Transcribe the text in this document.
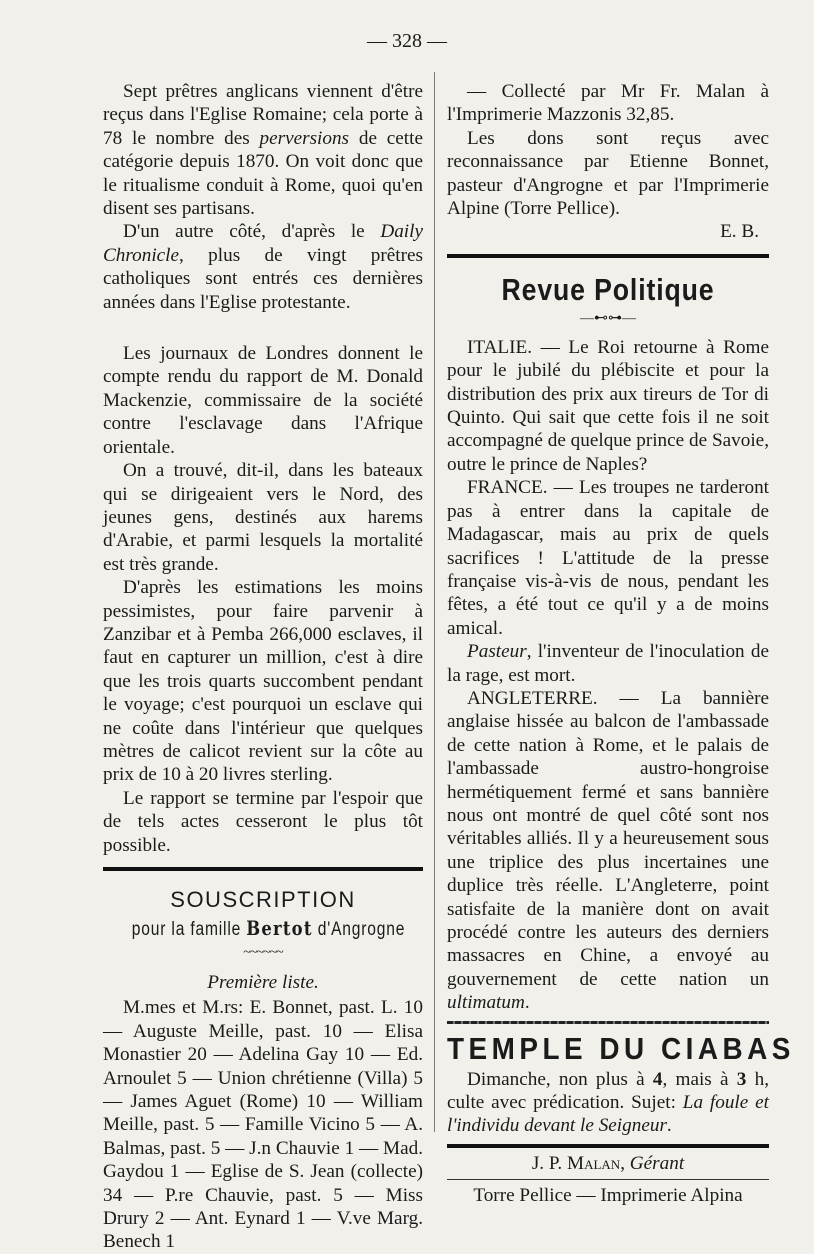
— 328 —

Sept prêtres anglicans viennent d'être reçus dans l'Eglise Romaine; cela porte à 78 le nombre des perversions de cette catégorie depuis 1870. On voit donc que le ritualisme conduit à Rome, quoi qu'en disent ses partisans.

D'un autre côté, d'après le Daily Chronicle, plus de vingt prêtres catholiques sont entrés ces dernières années dans l'Eglise protestante.

Les journaux de Londres donnent le compte rendu du rapport de M. Donald Mackenzie, commissaire de la société contre l'esclavage dans l'Afrique orientale.

On a trouvé, dit-il, dans les bateaux qui se dirigeaient vers le Nord, des jeunes gens, destinés aux harems d'Arabie, et parmi lesquels la mortalité est très grande.

D'après les estimations les moins pessimistes, pour faire parvenir à Zanzibar et à Pemba 266,000 esclaves, il faut en capturer un million, c'est à dire que les trois quarts succombent pendant le voyage; c'est pourquoi un esclave qui ne coûte dans l'intérieur que quelques mètres de calicot revient sur la côte au prix de 10 à 20 livres sterling.

Le rapport se termine par l'espoir que de tels actes cesseront le plus tôt possible.

SOUSCRIPTION
pour la famille Bertot d'Angrogne
~~~~~~
Première liste.

M.mes et M.rs: E. Bonnet, past. L. 10 — Auguste Meille, past. 10 — Elisa Monastier 20 — Adelina Gay 10 — Ed. Arnoulet 5 — Union chrétienne (Villa) 5 — James Aguet (Rome) 10 — William Meille, past. 5 — Famille Vicino 5 — A. Balmas, past. 5 — J.n Chauvie 1 — Mad. Gaydou 1 — Eglise de S. Jean (collecte) 34 — P.re Chauvie, past. 5 — Miss Drury 2 — Ant. Eynard 1 — V.ve Marg. Benech 1

— Collecté par Mr Fr. Malan à l'Imprimerie Mazzonis 32,85.

Les dons sont reçus avec reconnaissance par Etienne Bonnet, pasteur d'Angrogne et par l'Imprimerie Alpine (Torre Pellice).

E. B.
Revue Politique
—⊷⊶—

ITALIE. — Le Roi retourne à Rome pour le jubilé du plébiscite et pour la distribution des prix aux tireurs de Tor di Quinto. Qui sait que cette fois il ne soit accompagné de quelque prince de Savoie, outre le prince de Naples?

FRANCE. — Les troupes ne tarderont pas à entrer dans la capitale de Madagascar, mais au prix de quels sacrifices ! L'attitude de la presse française vis-à-vis de nous, pendant les fêtes, a été tout ce qu'il y a de moins amical.

Pasteur, l'inventeur de l'inoculation de la rage, est mort.

ANGLETERRE. — La bannière anglaise hissée au balcon de l'ambassade de cette nation à Rome, et le palais de l'ambassade austro-hongroise hermétiquement fermé et sans bannière nous ont montré de quel côté sont nos véritables alliés. Il y a heureusement sous une triplice des plus incertaines une duplice très réelle. L'Angleterre, point satisfaite de la manière dont on avait procédé contre les auteurs des derniers massacres en Chine, a envoyé au gouvernement de cette nation un ultimatum.

TEMPLE DU CIABAS

Dimanche, non plus à 4, mais à 3 h, culte avec prédication. Sujet: La foule et l'individu devant le Seigneur.

J. P. Malan, Gérant
Torre Pellice — Imprimerie Alpina
